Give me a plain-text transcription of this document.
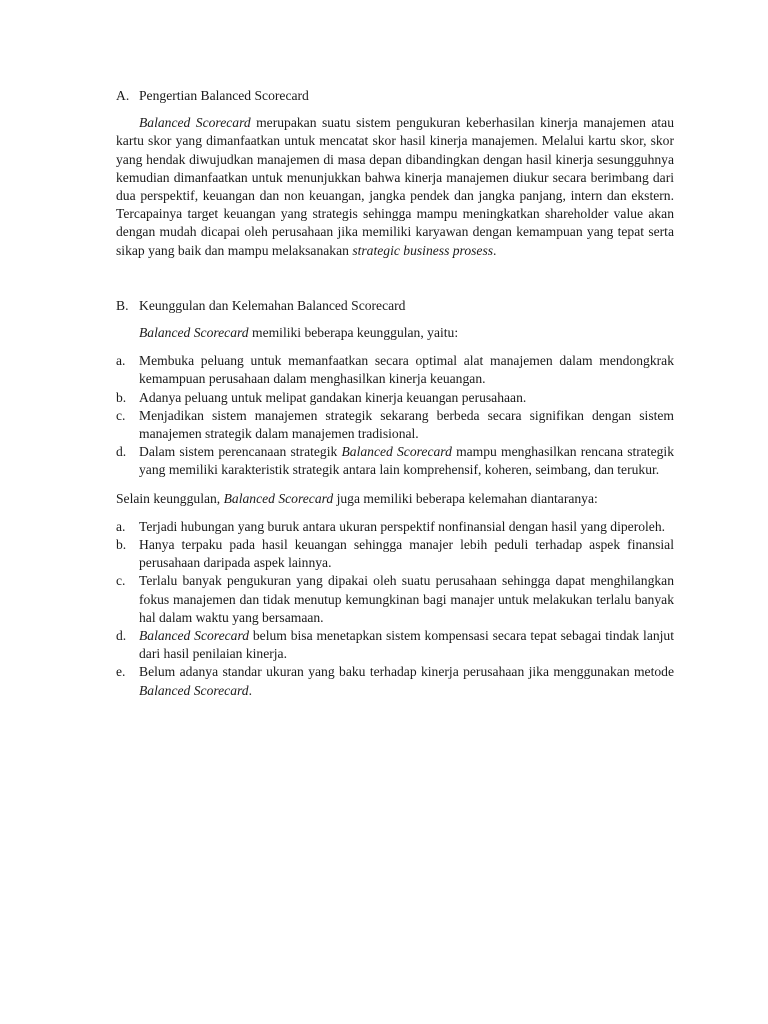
A. Pengertian Balanced Scorecard

Balanced Scorecard merupakan suatu sistem pengukuran keberhasilan kinerja manajemen atau kartu skor yang dimanfaatkan untuk mencatat skor hasil kinerja manajemen. Melalui kartu skor, skor yang hendak diwujudkan manajemen di masa depan dibandingkan dengan hasil kinerja sesungguhnya kemudian dimanfaatkan untuk menunjukkan bahwa kinerja manajemen diukur secara berimbang dari dua perspektif, keuangan dan non keuangan, jangka pendek dan jangka panjang, intern dan ekstern. Tercapainya target keuangan yang strategis sehingga mampu meningkatkan shareholder value akan dengan mudah dicapai oleh perusahaan jika memiliki karyawan dengan kemampuan yang tepat serta sikap yang baik dan mampu melaksanakan strategic business prosess.

B. Keunggulan dan Kelemahan Balanced Scorecard

Balanced Scorecard memiliki beberapa keunggulan, yaitu:

a. Membuka peluang untuk memanfaatkan secara optimal alat manajemen dalam mendongkrak kemampuan perusahaan dalam menghasilkan kinerja keuangan.
b. Adanya peluang untuk melipat gandakan kinerja keuangan perusahaan.
c. Menjadikan sistem manajemen strategik sekarang berbeda secara signifikan dengan sistem manajemen strategik dalam manajemen tradisional.
d. Dalam sistem perencanaan strategik Balanced Scorecard mampu menghasilkan rencana strategik yang memiliki karakteristik strategik antara lain komprehensif, koheren, seimbang, dan terukur.

Selain keunggulan, Balanced Scorecard juga memiliki beberapa kelemahan diantaranya:

a. Terjadi hubungan yang buruk antara ukuran perspektif nonfinansial dengan hasil yang diperoleh.
b. Hanya terpaku pada hasil keuangan sehingga manajer lebih peduli terhadap aspek finansial perusahaan daripada aspek lainnya.
c. Terlalu banyak pengukuran yang dipakai oleh suatu perusahaan sehingga dapat menghilangkan fokus manajemen dan tidak menutup kemungkinan bagi manajer untuk melakukan terlalu banyak hal dalam waktu yang bersamaan.
d. Balanced Scorecard belum bisa menetapkan sistem kompensasi secara tepat sebagai tindak lanjut dari hasil penilaian kinerja.
e. Belum adanya standar ukuran yang baku terhadap kinerja perusahaan jika menggunakan metode Balanced Scorecard.
